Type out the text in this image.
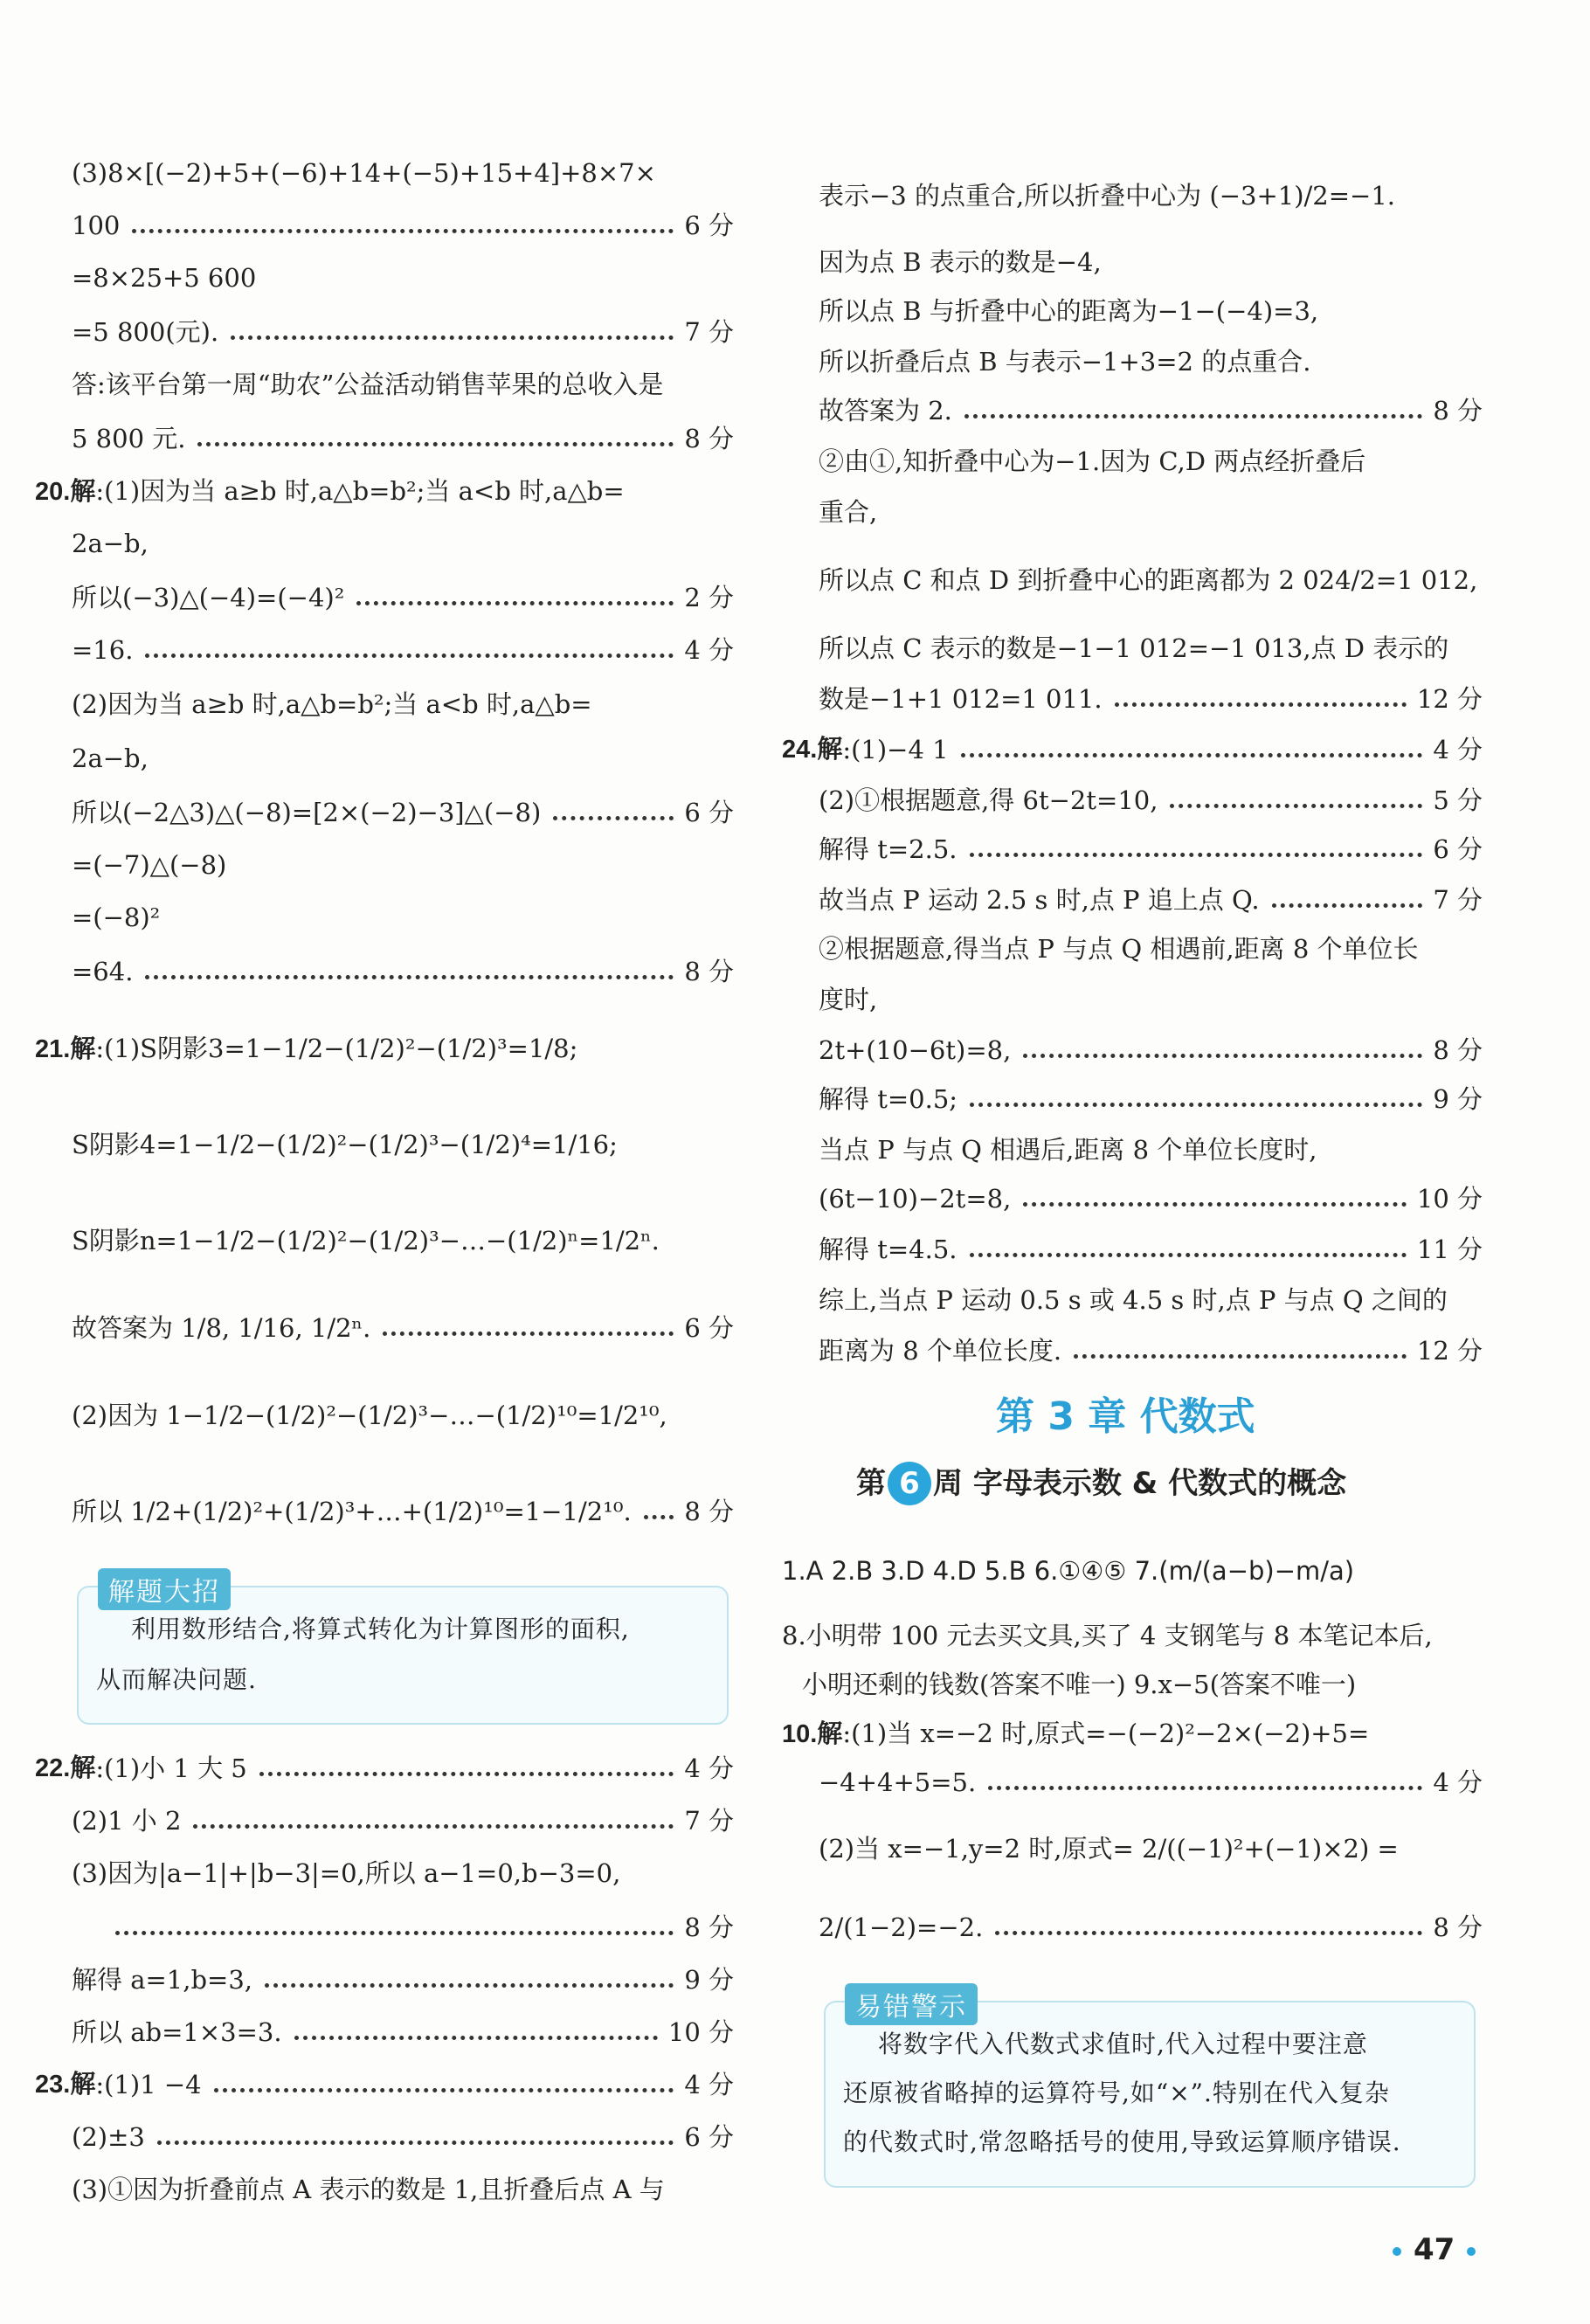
(3)8×[(−2)+5+(−6)+14+(−5)+15+4]+8×7×
100	6 分
=8×25+5 600
=5 800(元).	7 分
答:该平台第一周“助农”公益活动销售苹果的总收入是
5 800 元.	8 分
20.解:(1)因为当 a≥b 时,a△b=b²;当 a<b 时,a△b=
2a−b,
所以(−3)△(−4)=(−4)²	2 分
=16.	4 分
(2)因为当 a≥b 时,a△b=b²;当 a<b 时,a△b=
2a−b,
所以(−2△3)△(−8)=[2×(−2)−3]△(−8)	6 分
=(−7)△(−8)
=(−8)²
=64.	8 分
21.解:(1)S阴影3=1−1/2−(1/2)²−(1/2)³=1/8;
S阴影4=1−1/2−(1/2)²−(1/2)³−(1/2)⁴=1/16;
S阴影n=1−1/2−(1/2)²−(1/2)³−…−(1/2)ⁿ=1/2ⁿ.
故答案为 1/8, 1/16, 1/2ⁿ.	6 分
(2)因为 1−1/2−(1/2)²−(1/2)³−…−(1/2)¹⁰=1/2¹⁰,
所以 1/2+(1/2)²+(1/2)³+…+(1/2)¹⁰=1−1/2¹⁰. 8 分
解题大招
利用数形结合,将算式转化为计算图形的面积,
从而解决问题.
22.解 :(1)小 1 大 5	4 分
(2)1 小 2	7 分
(3)因为|a−1|+|b−3|=0,所以 a−1=0,b−3=0,
8 分
解得 a=1,b=3,	9 分
所以 ab=1×3=3.	10 分
23.解 :(1)1 −4	4 分
(2)±3	6 分
(3)①因为折叠前点 A 表示的数是 1,且折叠后点 A 与
表示−3 的点重合,所以折叠中心为 (−3+1)/2=−1.
因为点 B 表示的数是−4,
所以点 B 与折叠中心的距离为−1−(−4)=3,
所以折叠后点 B 与表示−1+3=2 的点重合.
故答案为 2.	8 分
②由①,知折叠中心为−1.因为 C,D 两点经折叠后
重合,
所以点 C 和点 D 到折叠中心的距离都为 2 024/2=1 012,
所以点 C 表示的数是−1−1 012=−1 013,点 D 表示的
数是−1+1 012=1 011.	12 分
24.解 :(1)−4 1	4 分
(2)①根据题意,得 6t−2t=10,	5 分
解得 t=2.5.	6 分
故当点 P 运动 2.5 s 时,点 P 追上点 Q.	7 分
②根据题意,得当点 P 与点 Q 相遇前,距离 8 个单位长
度时,
2t+(10−6t)=8,	8 分
解得 t=0.5;	9 分
当点 P 与点 Q 相遇后,距离 8 个单位长度时,
(6t−10)−2t=8,	10 分
解得 t=4.5.	11 分
综上,当点 P 运动 0.5 s 或 4.5 s 时,点 P 与点 Q 之间的
距离为 8 个单位长度.	12 分
第 3 章 代数式
第 6 周 字母表示数 & 代数式的概念
1.A 2.B 3.D 4.D 5.B 6.①④⑤ 7.(m/(a−b)−m/a)
8.小明带 100 元去买文具,买了 4 支钢笔与 8 本笔记本后,
小明还剩的钱数(答案不唯一) 9.x−5(答案不唯一)
10.解:(1)当 x=−2 时,原式=−(−2)²−2×(−2)+5=
−4+4+5=5.	4 分
(2)当 x=−1,y=2 时,原式= 2/((−1)²+(−1)×2) =
2/(1−2)=−2.	8 分
易错警示
将数字代入代数式求值时,代入过程中要注意
还原被省略掉的运算符号,如“×”.特别在代入复杂
的代数式时,常忽略括号的使用,导致运算顺序错误.
47
